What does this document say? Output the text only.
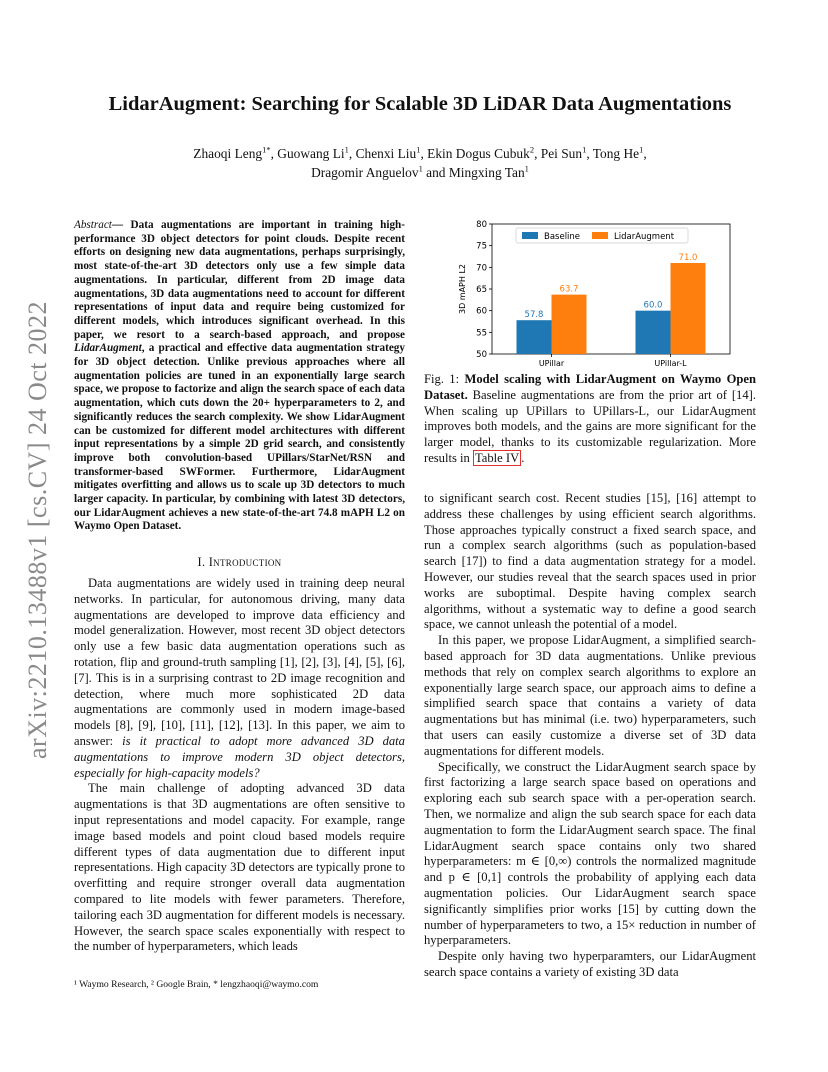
arXiv:2210.13488v1 [cs.CV] 24 Oct 2022
LidarAugment: Searching for Scalable 3D LiDAR Data Augmentations
Zhaoqi Leng$^{1*}$, Guowang Li$^1$, Chenxi Liu$^1$, Ekin Dogus Cubuk$^2$, Pei Sun$^1$, Tong He$^1$,
Dragomir Anguelov$^1$ and Mingxing Tan$^1$
Abstract— Data augmentations are important in training high-performance 3D object detectors for point clouds. Despite recent efforts on designing new data augmentations, perhaps surprisingly, most state-of-the-art 3D detectors only use a few simple data augmentations. In particular, different from 2D image data augmentations, 3D data augmentations need to account for different representations of input data and require being customized for different models, which introduces significant overhead. In this paper, we resort to a search-based approach, and propose LidarAugment, a practical and effective data augmentation strategy for 3D object detection. Unlike previous approaches where all augmentation policies are tuned in an exponentially large search space, we propose to factorize and align the search space of each data augmentation, which cuts down the 20+ hyperparameters to 2, and significantly reduces the search complexity. We show LidarAugment can be customized for different model architectures with different input representations by a simple 2D grid search, and consistently improve both convolution-based UPillars/StarNet/RSN and transformer-based SWFormer. Furthermore, LidarAugment mitigates overfitting and allows us to scale up 3D detectors to much larger capacity. In particular, by combining with latest 3D detectors, our LidarAugment achieves a new state-of-the-art 74.8 mAPH L2 on Waymo Open Dataset.
I. Introduction

Data augmentations are widely used in training deep neural networks. In particular, for autonomous driving, many data augmentations are developed to improve data efficiency and model generalization. However, most recent 3D object detectors only use a few basic data augmentation operations such as rotation, flip and ground-truth sampling [1], [2], [3], [4], [5], [6], [7]. This is in a surprising contrast to 2D image recognition and detection, where much more sophisticated 2D data augmentations are commonly used in modern image-based models [8], [9], [10], [11], [12], [13]. In this paper, we aim to answer: is it practical to adopt more advanced 3D data augmentations to improve modern 3D object detectors, especially for high-capacity models?

The main challenge of adopting advanced 3D data augmentations is that 3D augmentations are often sensitive to input representations and model capacity. For example, range image based models and point cloud based models require different types of data augmentation due to different input representations. High capacity 3D detectors are typically prone to overfitting and require stronger overall data augmentation compared to lite models with fewer parameters. Therefore, tailoring each 3D augmentation for different models is necessary. However, the search space scales exponentially with respect to the number of hyperparameters, which leads

¹ Waymo Research, ² Google Brain, * lengzhaoqi@waymo.com
UPillar	UPillar-L
50
55
60
65
70
75
80
3D mAPH L2
57.8
63.7
60.0
71.0
Baseline	LidarAugment
Fig. 1: Model scaling with LidarAugment on Waymo Open Dataset. Baseline augmentations are from the prior art of [14]. When scaling up UPillars to UPillars-L, our LidarAugment improves both models, and the gains are more significant for the larger model, thanks to its customizable regularization. More results in Table IV .

to significant search cost. Recent studies [15], [16] attempt to address these challenges by using efficient search algorithms. Those approaches typically construct a fixed search space, and run a complex search algorithms (such as population-based search [17]) to find a data augmentation strategy for a model. However, our studies reveal that the search spaces used in prior works are suboptimal. Despite having complex search algorithms, without a systematic way to define a good search space, we cannot unleash the potential of a model.

In this paper, we propose LidarAugment, a simplified search-based approach for 3D data augmentations. Unlike previous methods that rely on complex search algorithms to explore an exponentially large search space, our approach aims to define a simplified search space that contains a variety of data augmentations but has minimal (i.e. two) hyperparameters, such that users can easily customize a diverse set of 3D data augmentations for different models.

Specifically, we construct the LidarAugment search space by first factorizing a large search space based on operations and exploring each sub search space with a per-operation search. Then, we normalize and align the sub search space for each data augmentation to form the LidarAugment search space. The final LidarAugment search space contains only two shared hyperparameters: m ∈ [0,∞) controls the normalized magnitude and p ∈ [0,1] controls the probability of applying each data augmentation policies. Our LidarAugment search space significantly simplifies prior works [15] by cutting down the number of hyperparameters to two, a 15× reduction in number of hyperparameters.

Despite only having two hyperparamters, our LidarAugment search space contains a variety of existing 3D data
